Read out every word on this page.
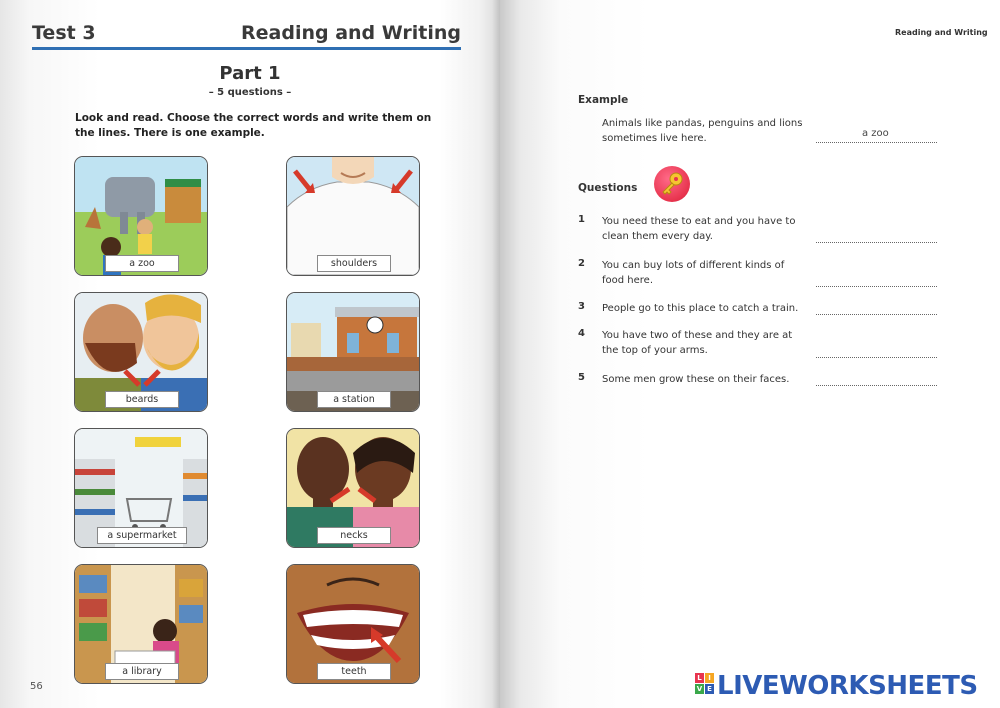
Test 3	Reading and Writing
Part 1
– 5 questions –
Look and read. Choose the correct words and write them on the lines. There is one example.
a zoo	shoulders
beards	a station
a supermarket	necks
a library	teeth
56
Reading and Writing
Example
Animals like pandas, penguins and lions sometimes live here.	a zoo
Questions
1 You need these to eat and you have to clean them every day.
2 You can buy lots of different kinds of food here.
3 People go to this place to catch a train.
4 You have two of these and they are at the top of your arms.
5 Some men grow these on their faces.
L I
V E LIVEWORKSHEETS
